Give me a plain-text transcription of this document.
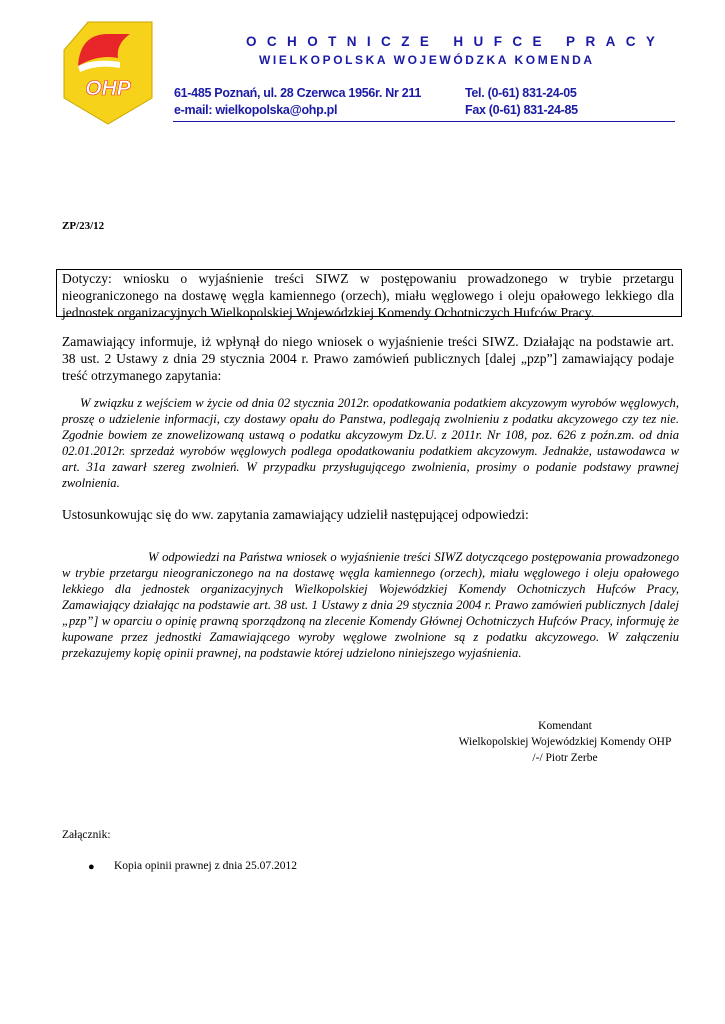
OHP
OCHOTNICZE HUFCE PRACY
WIELKOPOLSKA WOJEWÓDZKA KOMENDA
61-485 Poznań, ul. 28 Czerwca 1956r. Nr 211
e-mail: wielkopolska@ohp.pl
Tel. (0-61) 831-24-05
Fax (0-61) 831-24-85
ZP/23/12

Dotyczy: wniosku o wyjaśnienie treści SIWZ w postępowaniu prowadzonego w trybie przetargu nieograniczonego na dostawę węgla kamiennego (orzech), miału węglowego i oleju opałowego lekkiego dla jednostek organizacyjnych Wielkopolskiej Wojewódzkiej Komendy Ochotniczych Hufców Pracy.

Zamawiający informuje, iż wpłynął do niego wniosek o wyjaśnienie treści SIWZ. Działając na podstawie art. 38 ust. 2 Ustawy z dnia 29 stycznia 2004 r. Prawo zamówień publicznych [dalej „pzp”] zamawiający podaje treść otrzymanego zapytania:

W związku z wejściem w życie od dnia 02 stycznia 2012r. opodatkowania podatkiem akcyzowym wyrobów węglowych, proszę o udzielenie informacji, czy dostawy opału do Panstwa, podlegają zwolnieniu z podatku akcyzowego czy tez nie. Zgodnie bowiem ze znowelizowaną ustawą o podatku akcyzowym Dz.U. z 2011r. Nr 108, poz. 626 z poźn.zm. od dnia 02.01.2012r. sprzedaż wyrobów węglowych podlega opodatkowaniu podatkiem akcyzowym. Jednakże, ustawodawca w art. 31a zawarł szereg zwolnień. W przypadku przysługującego zwolnienia, prosimy o podanie podstawy prawnej zwolnienia.

Ustosunkowując się do ww. zapytania zamawiający udzielił następującej odpowiedzi:

W odpowiedzi na Państwa wniosek o wyjaśnienie treści SIWZ dotyczącego postępowania prowadzonego w trybie przetargu nieograniczonego na na dostawę węgla kamiennego (orzech), miału węglowego i oleju opałowego lekkiego dla jednostek organizacyjnych Wielkopolskiej Wojewódzkiej Komendy Ochotniczych Hufców Pracy, Zamawiający działając na podstawie art. 38 ust. 1 Ustawy z dnia 29 stycznia 2004 r. Prawo zamówień publicznych [dalej „pzp”] w oparciu o opinię prawną sporządzoną na zlecenie Komendy Głównej Ochotniczych Hufców Pracy, informuję że kupowane przez jednostki Zamawiającego wyroby węglowe zwolnione są z podatku akcyzowego. W załączeniu przekazujemy kopię opinii prawnej, na podstawie której udzielono niniejszego wyjaśnienia.

Komendant
Wielkopolskiej Wojewódzkiej Komendy OHP
/-/ Piotr Zerbe
Załącznik:
● Kopia opinii prawnej z dnia 25.07.2012
